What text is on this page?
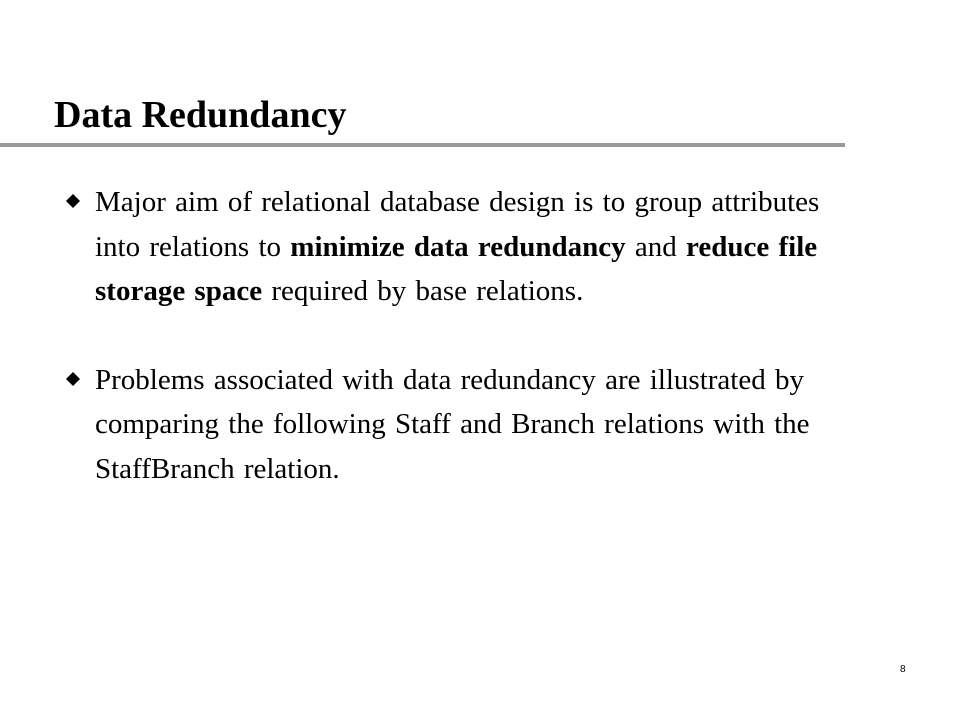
Data Redundancy
Major aim of relational database design is to group attributes into relations to minimize data redundancy and reduce file storage space required by base relations.
Problems associated with data redundancy are illustrated by comparing the following Staff and Branch relations with the StaffBranch relation.
8
